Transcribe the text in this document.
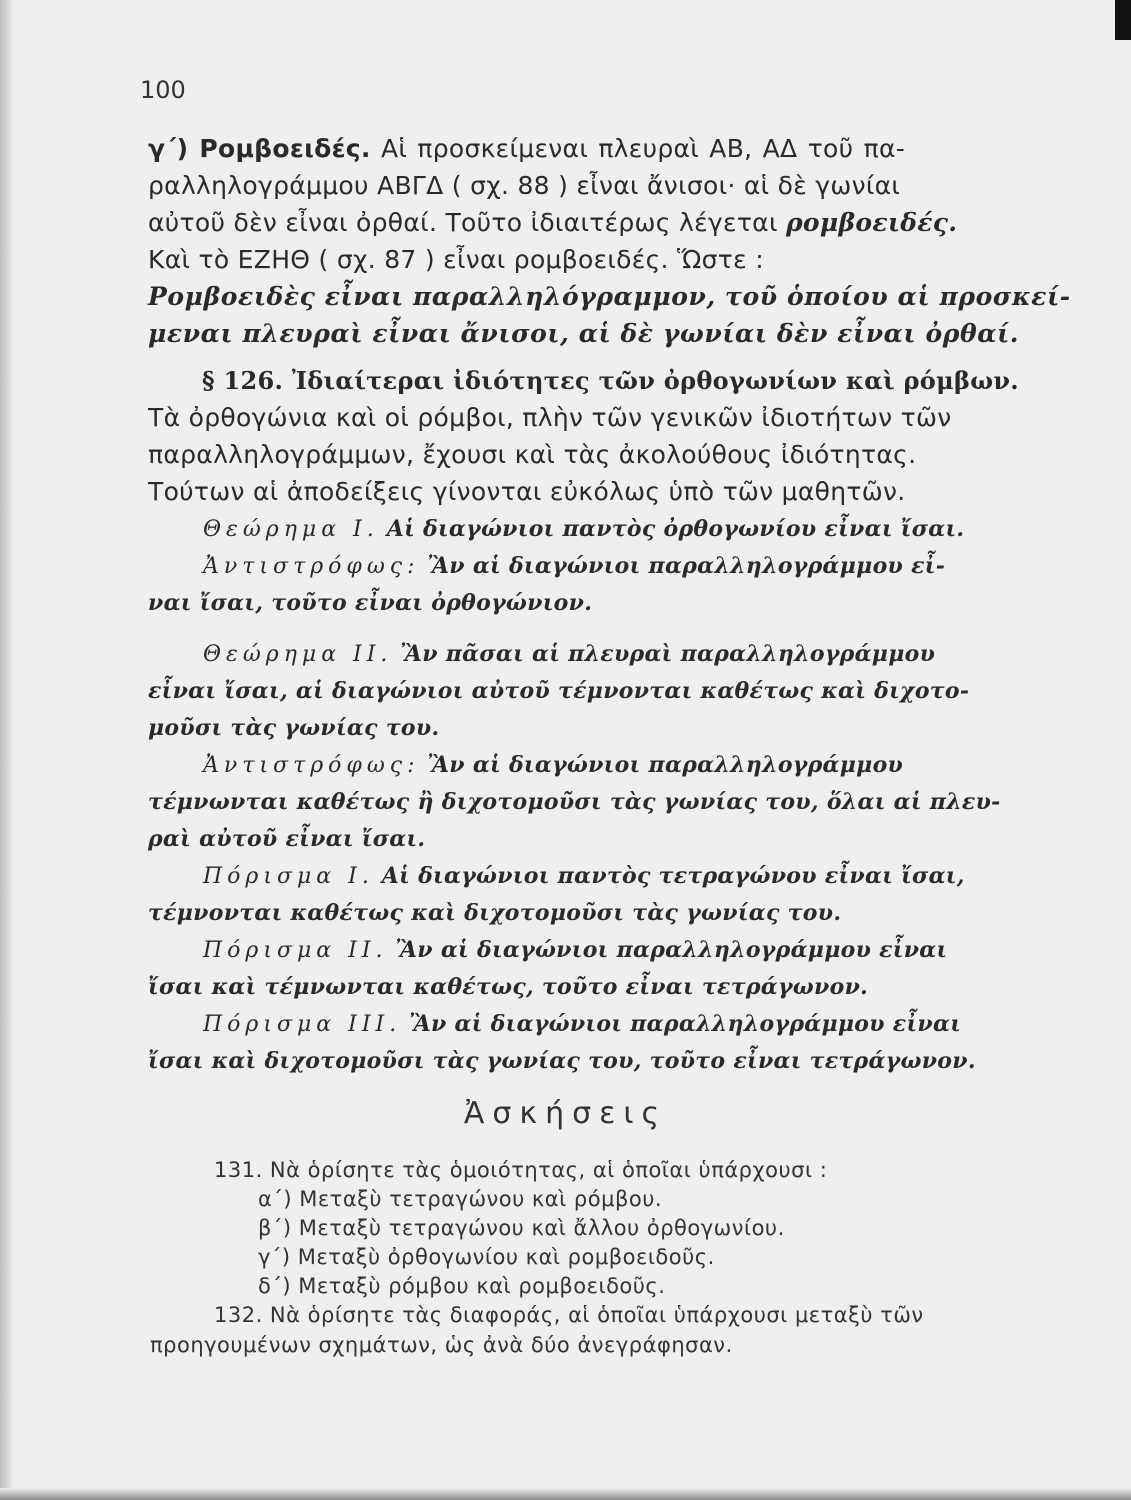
100
γ΄) Ρομβοειδές. Αἱ προσκείμεναι πλευραὶ ΑΒ, ΑΔ τοῦ πα-
ραλληλογράμμου ΑΒΓΔ ( σχ. 88 ) εἶναι ἄνισοι· αἱ δὲ γωνίαι
αὐτοῦ δὲν εἶναι ὀρθαί. Τοῦτο ἰδιαιτέρως λέγεται ρομβοειδές.
Καὶ τὸ ΕΖΗΘ ( σχ. 87 ) εἶναι ρομβοειδές. Ὥστε :
Ρομβοειδὲς εἶναι παραλληλόγραμμον, τοῦ ὁποίου αἱ προσκεί-
μεναι πλευραὶ εἶναι ἄνισοι, αἱ δὲ γωνίαι δὲν εἶναι ὀρθαί.
§ 126. Ἰδιαίτεραι ἰδιότητες τῶν ὀρθογωνίων καὶ ρόμβων.
Τὰ ὀρθογώνια καὶ οἱ ρόμβοι, πλὴν τῶν γενικῶν ἰδιοτήτων τῶν
παραλληλογράμμων, ἔχουσι καὶ τὰς ἀκολούθους ἰδιότητας.
Τούτων αἱ ἀποδείξεις γίνονται εὐκόλως ὑπὸ τῶν μαθητῶν.
Θεώρημα Ι. Αἱ διαγώνιοι παντὸς ὀρθογωνίου εἶναι ἴσαι.
Ἀντιστρόφως: Ἂν αἱ διαγώνιοι παραλληλογράμμου εἶ-
ναι ἴσαι, τοῦτο εἶναι ὀρθογώνιον.
Θεώρημα ΙΙ. Ἂν πᾶσαι αἱ πλευραὶ παραλληλογράμμου
εἶναι ἴσαι, αἱ διαγώνιοι αὐτοῦ τέμνονται καθέτως καὶ διχοτο-
μοῦσι τὰς γωνίας του.
Ἀντιστρόφως: Ἂν αἱ διαγώνιοι παραλληλογράμμου
τέμνωνται καθέτως ἢ διχοτομοῦσι τὰς γωνίας του, ὅλαι αἱ πλευ-
ραὶ αὐτοῦ εἶναι ἴσαι.
Πόρισμα Ι. Αἱ διαγώνιοι παντὸς τετραγώνου εἶναι ἴσαι,
τέμνονται καθέτως καὶ διχοτομοῦσι τὰς γωνίας του.
Πόρισμα ΙΙ. Ἂν αἱ διαγώνιοι παραλληλογράμμου εἶναι
ἴσαι καὶ τέμνωνται καθέτως, τοῦτο εἶναι τετράγωνον.
Πόρισμα ΙΙΙ. Ἂν αἱ διαγώνιοι παραλληλογράμμου εἶναι
ἴσαι καὶ διχοτομοῦσι τὰς γωνίας του, τοῦτο εἶναι τετράγωνον.
Ἀσκήσεις
131. Νὰ ὁρίσητε τὰς ὁμοιότητας, αἱ ὁποῖαι ὑπάρχουσι :
α΄) Μεταξὺ τετραγώνου καὶ ρόμβου.
β΄) Μεταξὺ τετραγώνου καὶ ἄλλου ὀρθογωνίου.
γ΄) Μεταξὺ ὀρθογωνίου καὶ ρομβοειδοῦς.
δ΄) Μεταξὺ ρόμβου καὶ ρομβοειδοῦς.
132. Νὰ ὁρίσητε τὰς διαφοράς, αἱ ὁποῖαι ὑπάρχουσι μεταξὺ τῶν
προηγουμένων σχημάτων, ὡς ἀνὰ δύο ἀνεγράφησαν.
